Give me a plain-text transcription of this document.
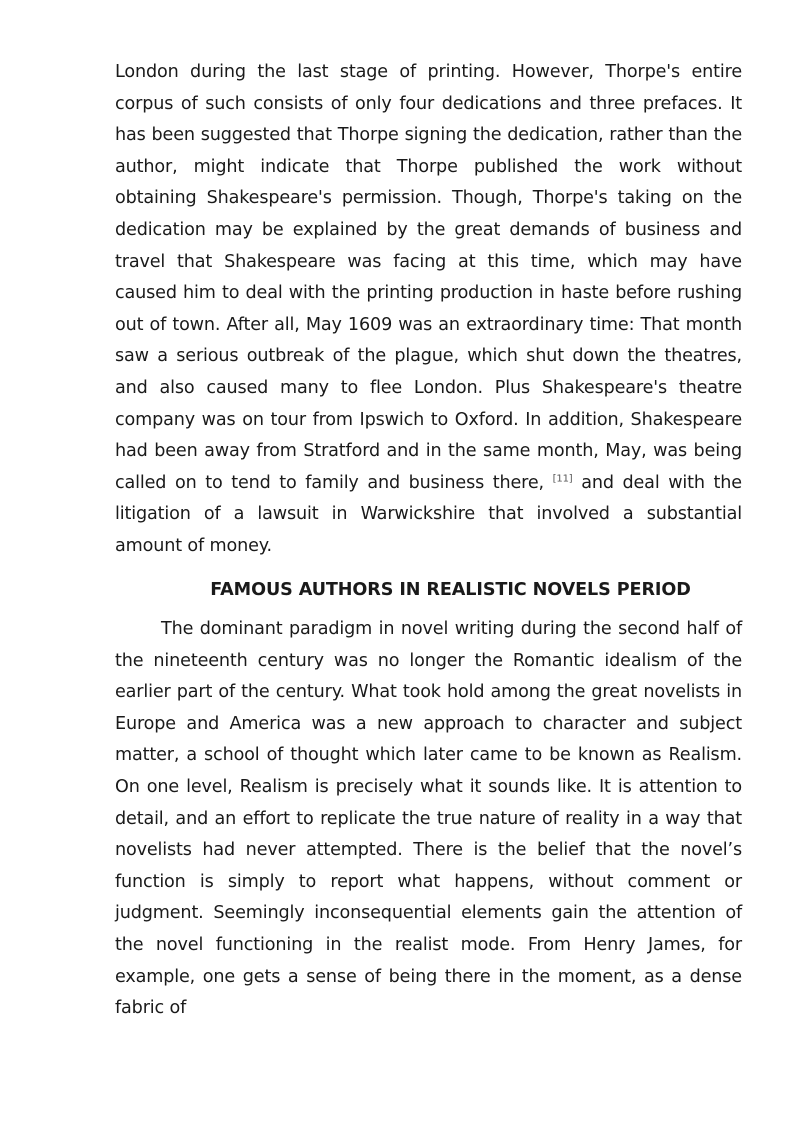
London during the last stage of printing. However, Thorpe's entire corpus of such consists of only four dedications and three prefaces. It has been suggested that Thorpe signing the dedication, rather than the author, might indicate that Thorpe published the work without obtaining Shakespeare's permission. Though, Thorpe's taking on the dedication may be explained by the great demands of business and travel that Shakespeare was facing at this time, which may have caused him to deal with the printing production in haste before rushing out of town. After all, May 1609 was an extraordinary time: That month saw a serious outbreak of the plague, which shut down the theatres, and also caused many to flee London. Plus Shakespeare's theatre company was on tour from Ipswich to Oxford. In addition, Shakespeare had been away from Stratford and in the same month, May, was being called on to tend to family and business there, [11] and deal with the litigation of a lawsuit in Warwickshire that involved a substantial amount of money.

FAMOUS AUTHORS IN REALISTIC NOVELS PERIOD

The dominant paradigm in novel writing during the second half of the nineteenth century was no longer the Romantic idealism of the earlier part of the century. What took hold among the great novelists in Europe and America was a new approach to character and subject matter, a school of thought which later came to be known as Realism. On one level, Realism is precisely what it sounds like. It is attention to detail, and an effort to replicate the true nature of reality in a way that novelists had never attempted. There is the belief that the novel’s function is simply to report what happens, without comment or judgment. Seemingly inconsequential elements gain the attention of the novel functioning in the realist mode. From Henry James, for example, one gets a sense of being there in the moment, as a dense fabric of
